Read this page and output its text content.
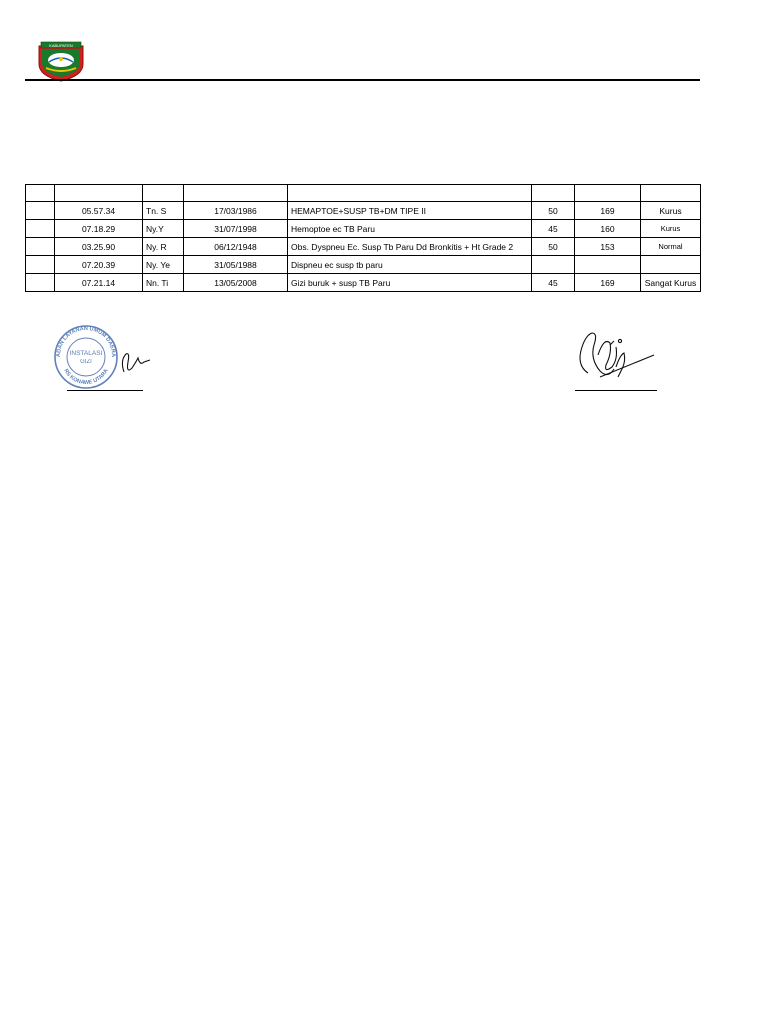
KABUPATEN

	05.57.34	Tn. S	17/03/1986	HEMAPTOE+SUSP TB+DM TIPE II	50	169	Kurus
	07.18.29	Ny.Y	31/07/1998	Hemoptoe ec TB Paru	45	160	Kurus
	03.25.90	Ny. R	06/12/1948	Obs. Dyspneu Ec. Susp Tb Paru Dd Bronkitis + Ht Grade 2	50	153	Normal
	07.20.39	Ny. Ye	31/05/1988	Dispneu ec susp tb paru			
	07.21.14	Nn. Ti	13/05/2008	Gizi buruk + susp TB Paru	45	169	Sangat Kurus
ADAN LAYANAN UMUM DAERA
RS KONAWE UTARA
INSTALASI
GIZI
